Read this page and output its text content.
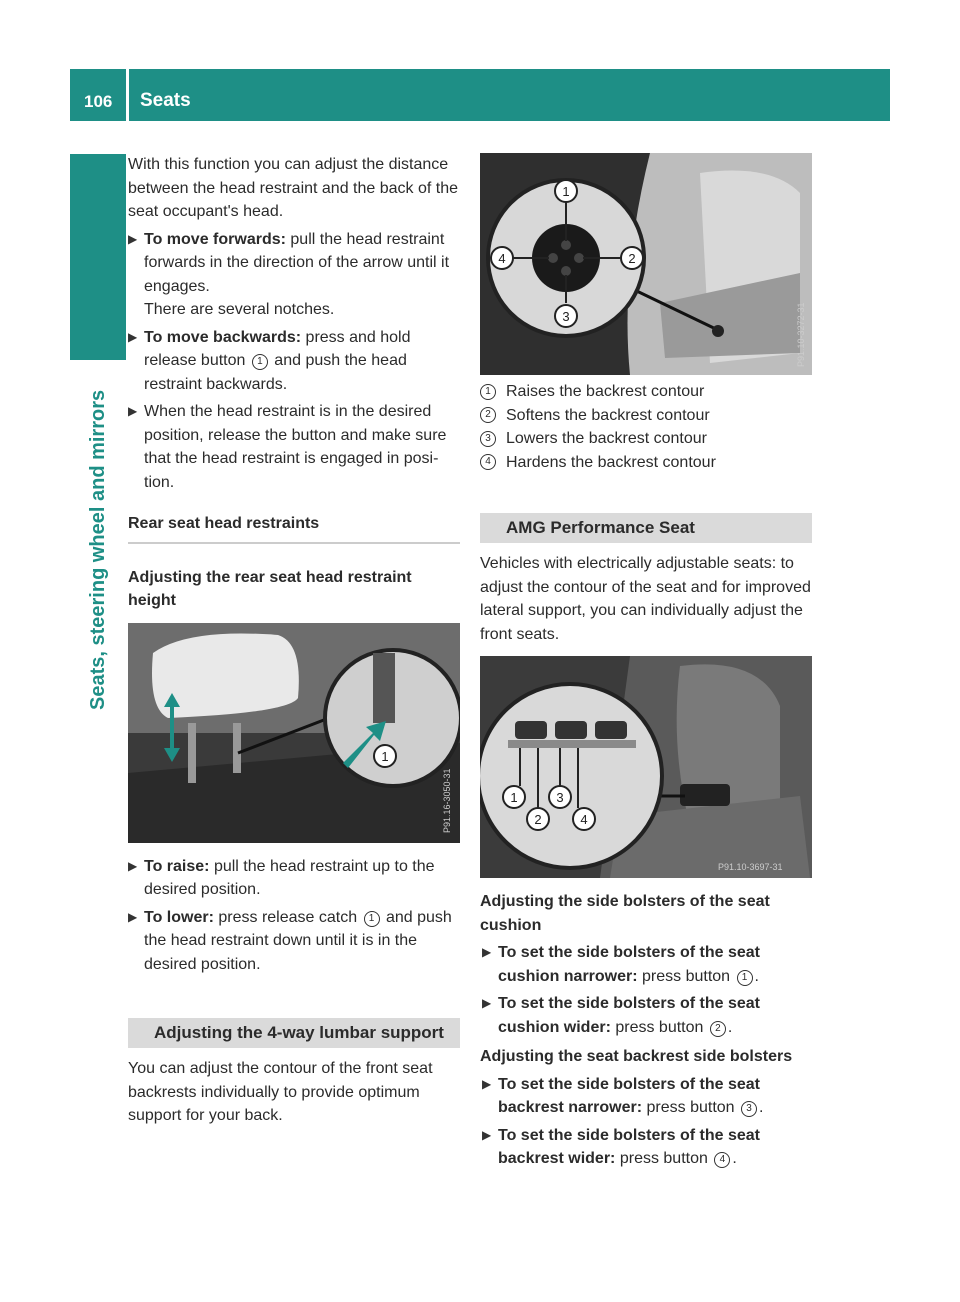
106 Seats
Seats, steering wheel and mirrors

With this function you can adjust the distance between the head restraint and the back of the seat occupant's head.

▶ To move forwards: pull the head restraint forwards in the direction of the arrow until it engages.
There are several notches.
▶ To move backwards: press and hold release button 1 and push the head restraint backwards.
▶ When the head restraint is in the desired position, release the button and make sure that the head restraint is engaged in posi-tion.
Rear seat head restraints
Adjusting the rear seat head restraint height
1
P91.16-3050-31
▶ To raise: pull the head restraint up to the desired position.
▶ To lower: press release catch 1 and push the head restraint down until it is in the desired position.
Adjusting the 4-way lumbar support

You can adjust the contour of the front seat backrests individually to provide optimum support for your back.

1
2
3
4
P91.10-3272-31
1 Raises the backrest contour
2 Softens the backrest contour
3 Lowers the backrest contour
4 Hardens the backrest contour
AMG Performance Seat

Vehicles with electrically adjustable seats: to adjust the contour of the seat and for improved lateral support, you can individually adjust the front seats.

1
2
3
4
P91.10-3697-31
Adjusting the side bolsters of the seat cushion
▶ To set the side bolsters of the seat cushion narrower: press button 1 .
▶ To set the side bolsters of the seat cushion wider: press button 2 .
Adjusting the seat backrest side bolsters
▶ To set the side bolsters of the seat backrest narrower: press button 3 .
▶ To set the side bolsters of the seat backrest wider: press button 4 .
